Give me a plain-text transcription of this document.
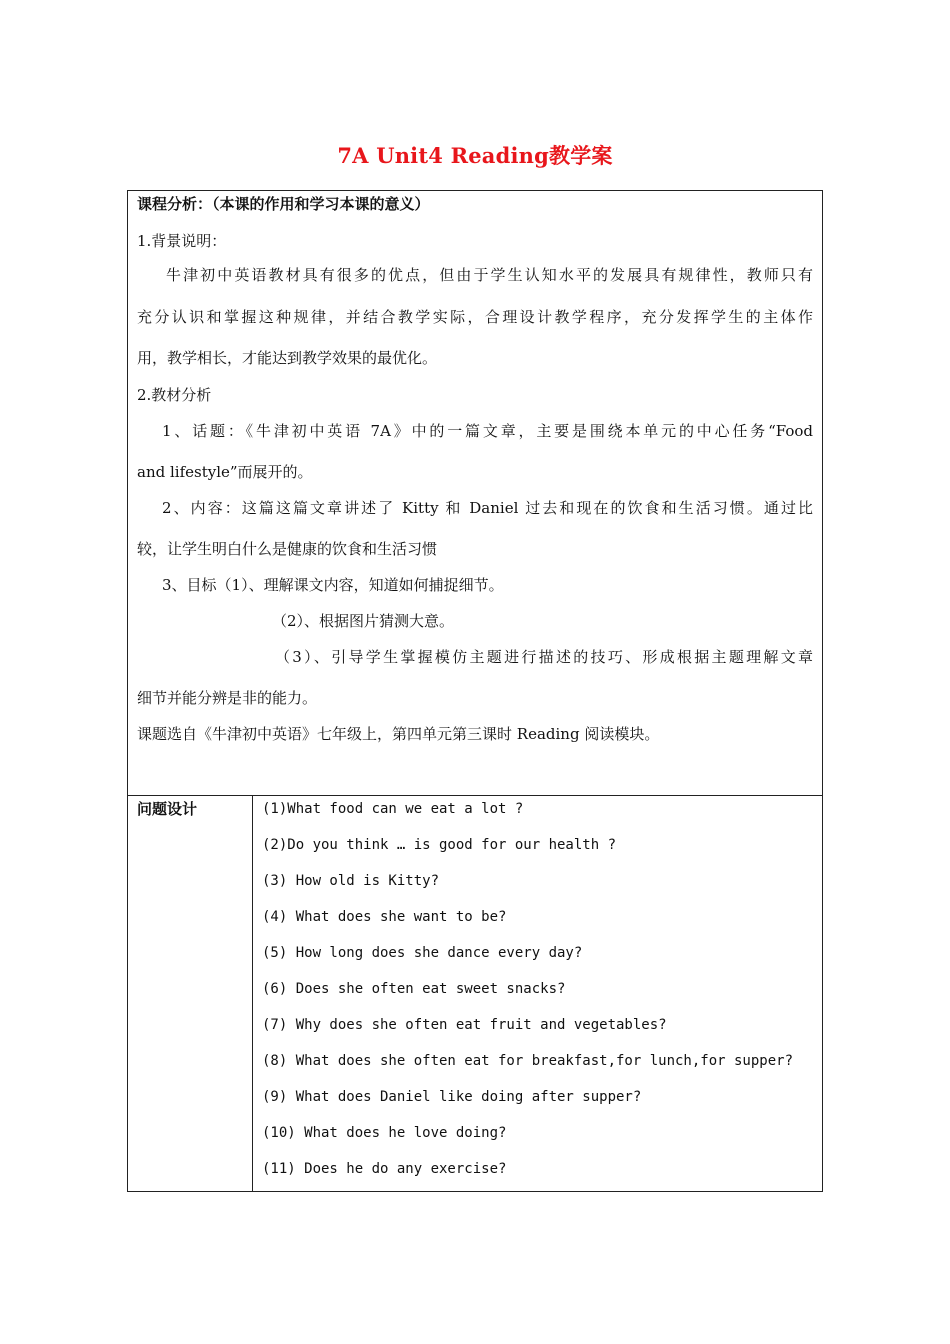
7A Unit4 Reading教学案
课程分析：（本课的作用和学习本课的意义）
1.背景说明：
牛津初中英语教材具有很多的优点，但由于学生认知水平的发展具有规律性，教师只有
充分认识和掌握这种规律，并结合教学实际，合理设计教学程序，充分发挥学生的主体作
用，教学相长，才能达到教学效果的最优化。
2.教材分析
1、话题：《牛津初中英语 7A》中的一篇文章，主要是围绕本单元的中心任务“Food
and lifestyle”而展开的。
2、内容：这篇这篇文章讲述了 Kitty 和 Daniel 过去和现在的饮食和生活习惯。通过比
较，让学生明白什么是健康的饮食和生活习惯
3、目标（1）、理解课文内容，知道如何捕捉细节。
（2）、根据图片猜测大意。
（3）、引导学生掌握模仿主题进行描述的技巧、形成根据主题理解文章
细节并能分辨是非的能力。
课题选自《牛津初中英语》七年级上，第四单元第三课时 Reading 阅读模块。
问题设计	(1)What food can we eat a lot ?
(2)Do you think … is good for our health ?
(3) How old is Kitty?
(4) What does she want to be?
(5) How long does she dance every day?
(6) Does she often eat sweet snacks?
(7) Why does she often eat fruit and vegetables?
(8) What does she often eat for breakfast,for lunch,for supper?
(9) What does Daniel like doing after supper?
(10) What does he love doing?
(11) Does he do any exercise?
